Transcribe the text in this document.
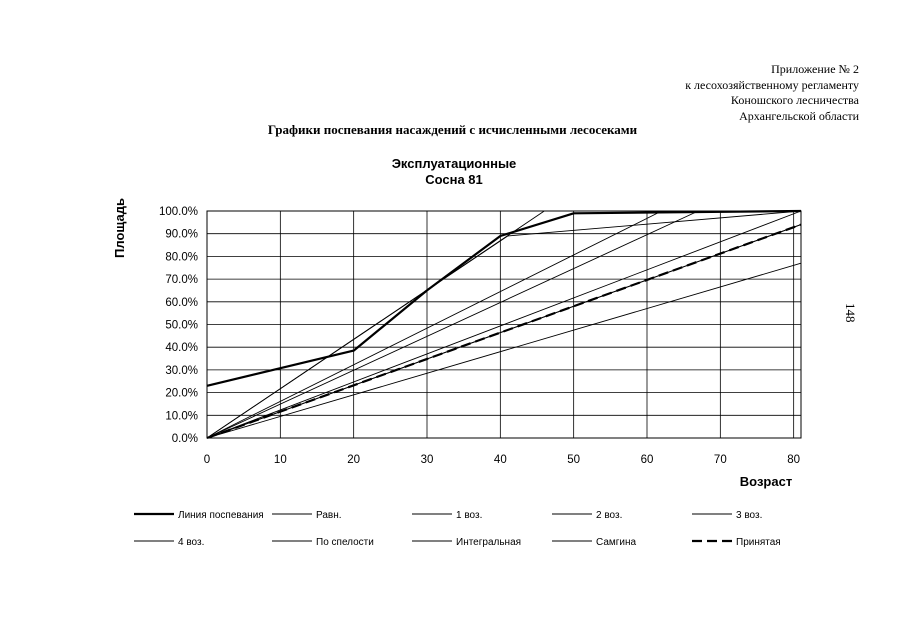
Приложение № 2
к лесохозяйственному регламенту
Коношского лесничества
Архангельской области
Графики поспевания насаждений с исчисленными лесосеками
148
Эксплуатационные
Сосна 81
0.0%
10.0%
20.0%
30.0%
40.0%
50.0%
60.0%
70.0%
80.0%
90.0%
100.0%
0	10	20	30	40	50	60	70	80
Площадь
Возраст
Линия поспевания	Равн.	1 воз.	2 воз.	3 воз.
4 воз.	По спелости	Интегральная	Самгина	Принятая
